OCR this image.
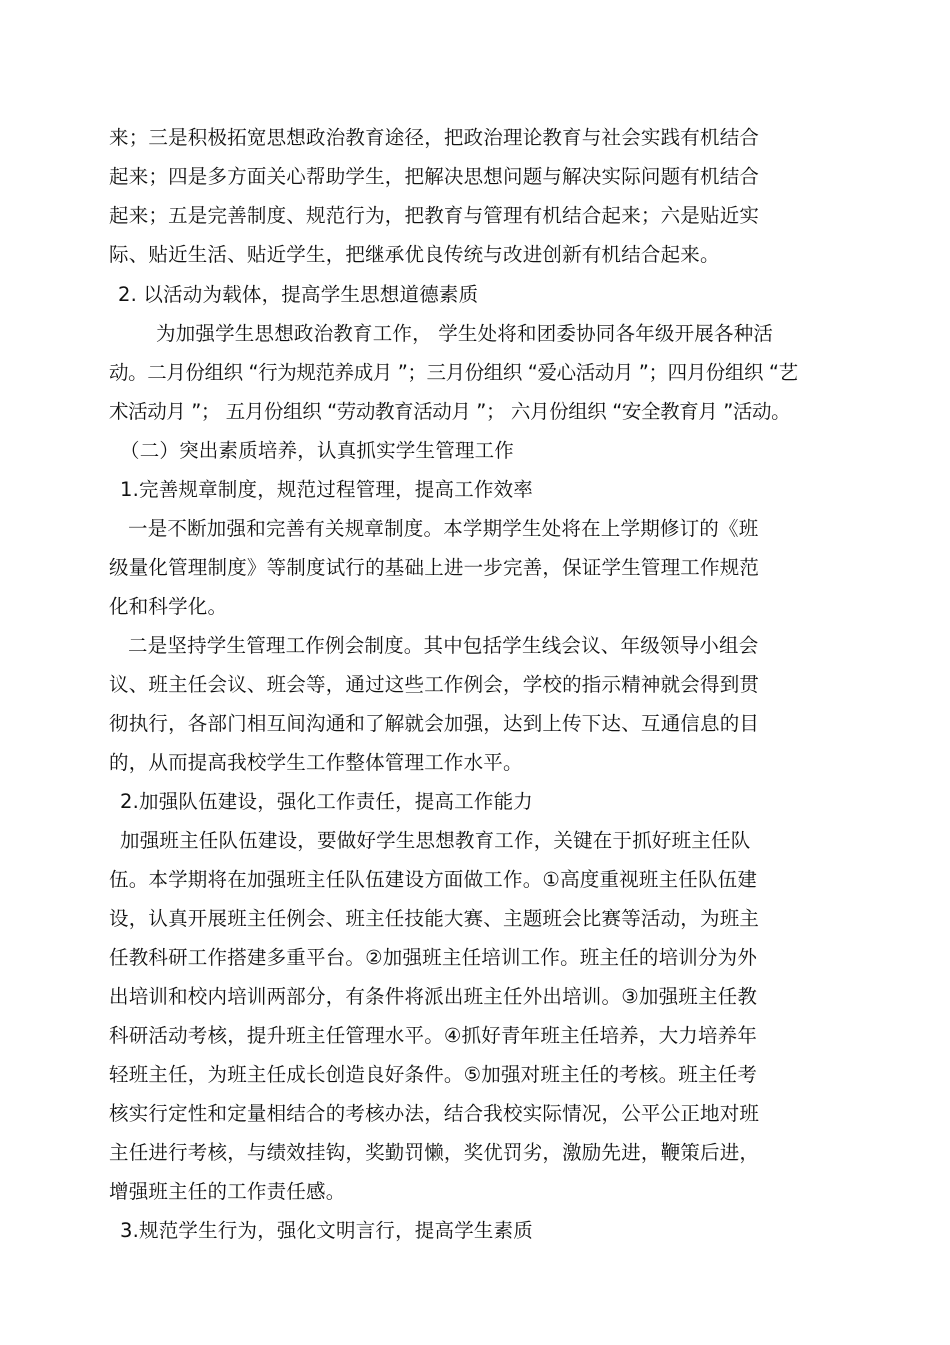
来；三是积极拓宽思想政治教育途径，把政治理论教育与社会实践有机结合
起来；四是多方面关心帮助学生，把解决思想问题与解决实际问题有机结合
起来；五是完善制度、规范行为，把教育与管理有机结合起来；六是贴近实
际、贴近生活、贴近学生，把继承优良传统与改进创新有机结合起来。
2. 以活动为载体，提高学生思想道德素质
为加强学生思想政治教育工作， 学生处将和团委协同各年级开展各种活
动。二月份组织 “行为规范养成月 ”；三月份组织 “爱心活动月 ”；四月份组织 “艺
术活动月 ”； 五月份组织 “劳动教育活动月 ”； 六月份组织 “安全教育月 ”活动。
（二）突出素质培养，认真抓实学生管理工作
1.完善规章制度，规范过程管理，提高工作效率
一是不断加强和完善有关规章制度。本学期学生处将在上学期修订的《班
级量化管理制度》等制度试行的基础上进一步完善，保证学生管理工作规范
化和科学化。
二是坚持学生管理工作例会制度。其中包括学生线会议、年级领导小组会
议、班主任会议、班会等，通过这些工作例会，学校的指示精神就会得到贯
彻执行，各部门相互间沟通和了解就会加强，达到上传下达、互通信息的目
的，从而提高我校学生工作整体管理工作水平。
2.加强队伍建设，强化工作责任，提高工作能力
加强班主任队伍建设，要做好学生思想教育工作，关键在于抓好班主任队
伍。本学期将在加强班主任队伍建设方面做工作。①高度重视班主任队伍建
设，认真开展班主任例会、班主任技能大赛、主题班会比赛等活动，为班主
任教科研工作搭建多重平台。②加强班主任培训工作。班主任的培训分为外
出培训和校内培训两部分，有条件将派出班主任外出培训。③加强班主任教
科研活动考核，提升班主任管理水平。④抓好青年班主任培养，大力培养年
轻班主任，为班主任成长创造良好条件。⑤加强对班主任的考核。班主任考
核实行定性和定量相结合的考核办法，结合我校实际情况，公平公正地对班
主任进行考核，与绩效挂钩，奖勤罚懒，奖优罚劣，激励先进，鞭策后进，
增强班主任的工作责任感。
3.规范学生行为，强化文明言行，提高学生素质
